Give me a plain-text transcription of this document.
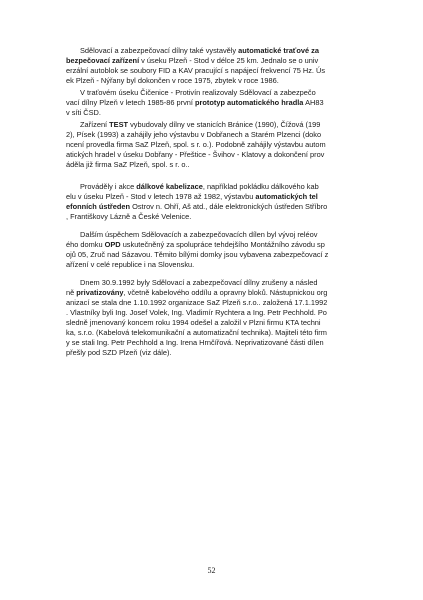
52
Sdělovací a zabezpečovací dílny také vystavěly automatické traťové za
bezpečovací zařízení v úseku Plzeň - Stod v délce 25 km. Jednalo se o univ
erzální autoblok se soubory FID a KAV pracující s napájecí frekvencí 75 Hz. Ús
ek Plzeň - Nýřany byl dokončen v roce 1975, zbytek v roce 1986.
V traťovém úseku Čičenice - Protivín realizovaly Sdělovací a zabezpečo
vací dílny Plzeň v letech 1985-86 první prototyp automatického hradla AH83
v síti ČSD.
Zařízení TEST vybudovaly dílny ve stanicích Bránice (1990), Čížová (199
2), Písek (1993) a zahájily jeho výstavbu v Dobřanech a Starém Plzenci (doko
ncení provedla firma SaZ Plzeň, spol. s r. o.). Podobně zahájily výstavbu autom
atických hradel v úseku Dobřany - Přeštice - Švihov - Klatovy a dokončení prov
áděla již firma SaZ Plzeň, spol. s r. o..
Prováděly i akce dálkové kabelizace, například pokládku dálkového kab
elu v úseku Plzeň - Stod v letech 1978 až 1982, výstavbu automatických tel
efonních ústředen Ostrov n. Ohří, Aš atd., dále elektronických ústředen Stříbro
, Františkovy Lázně a České Velenice.
Dalším úspěchem Sdělovacích a zabezpečovacích dílen byl vývoj reléov
ého domku OPD uskutečněný za spolupráce tehdejšího Montážního závodu sp
ojů 05, Zruč nad Sázavou. Těmito bílými domky jsou vybavena zabezpečovací z
ařízení v celé republice i na Slovensku.
Dnem 30.9.1992 byly Sdělovací a zabezpečovací dílny zrušeny a násled
ně privatizovány, včetně kabelového oddílu a opravny bloků. Nástupnickou org
anizací se stala dne 1.10.1992 organizace SaZ Plzeň s.r.o.. založená 17.1.1992
. Vlastníky byli Ing. Josef Volek, Ing. Vladimír Rychtera a Ing. Petr Pechhold. Po
sledně jmenovaný koncem roku 1994 odešel a založil v Plzni firmu KTA techni
ka, s.r.o. (Kabelová telekomunikační a automatizační technika). Majiteli této firm
y se stali Ing. Petr Pechhold a Ing. Irena Hrnčířová. Neprivatizované části dílen
přešly pod SZD Plzeň (viz dále).
